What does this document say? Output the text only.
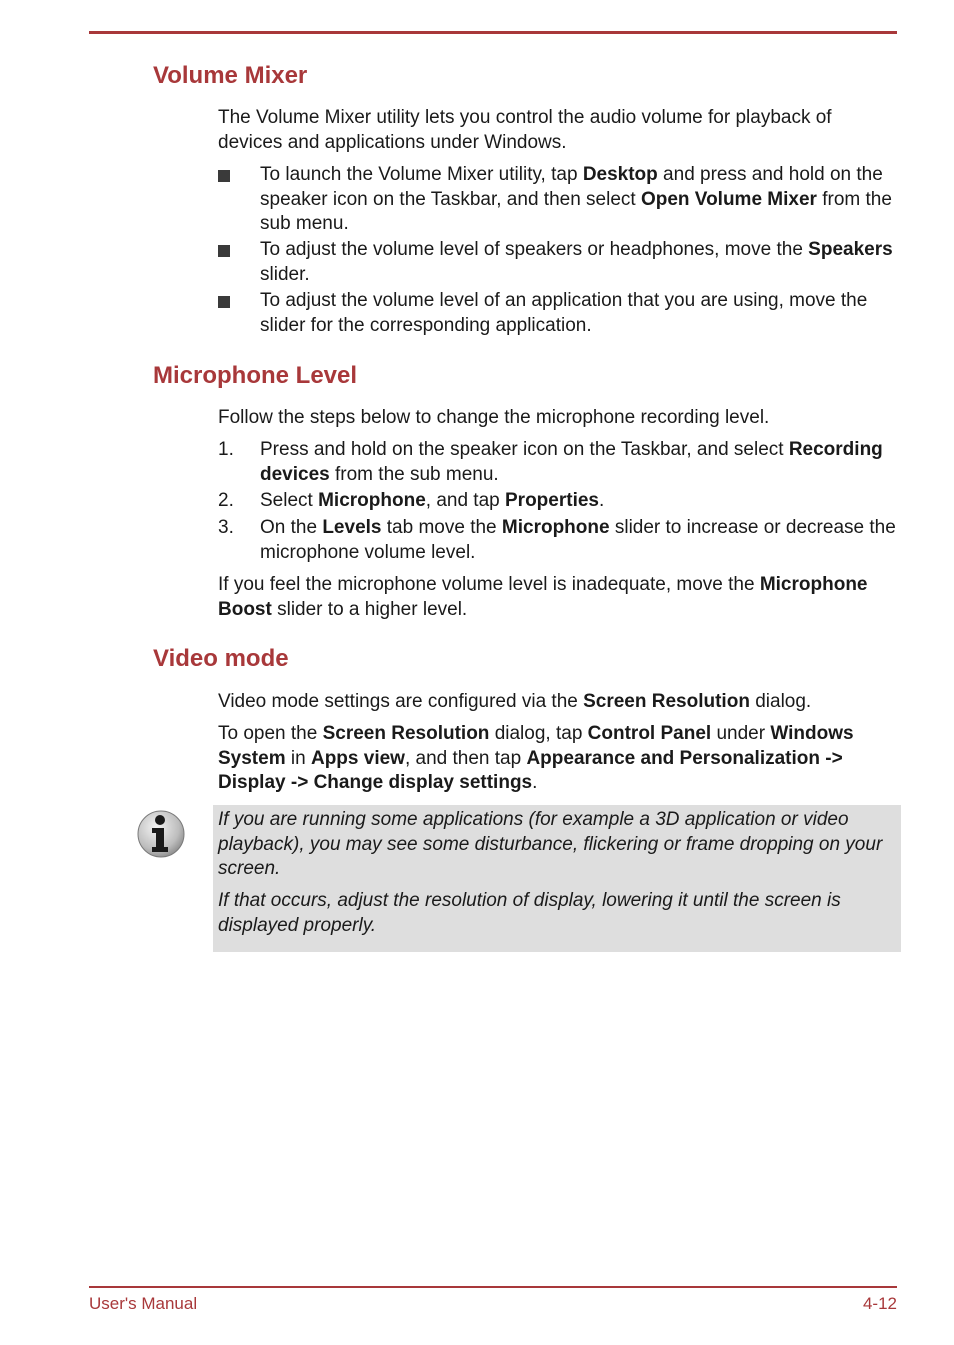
Volume Mixer

The Volume Mixer utility lets you control the audio volume for playback of devices and applications under Windows.

To launch the Volume Mixer utility, tap Desktop and press and hold on the speaker icon on the Taskbar, and then select Open Volume Mixer from the sub menu.
To adjust the volume level of speakers or headphones, move the Speakers slider.
To adjust the volume level of an application that you are using, move the slider for the corresponding application.
Microphone Level

Follow the steps below to change the microphone recording level.

1. Press and hold on the speaker icon on the Taskbar, and select Recording devices from the sub menu.
2. Select Microphone, and tap Properties.
3. On the Levels tab move the Microphone slider to increase or decrease the microphone volume level.

If you feel the microphone volume level is inadequate, move the Microphone Boost slider to a higher level.

Video mode

Video mode settings are configured via the Screen Resolution dialog.

To open the Screen Resolution dialog, tap Control Panel under Windows System in Apps view, and then tap Appearance and Personalization -> Display -> Change display settings.

If you are running some applications (for example a 3D application or video playback), you may see some disturbance, flickering or frame dropping on your screen.

If that occurs, adjust the resolution of display, lowering it until the screen is displayed properly.

User's Manual	4-12
